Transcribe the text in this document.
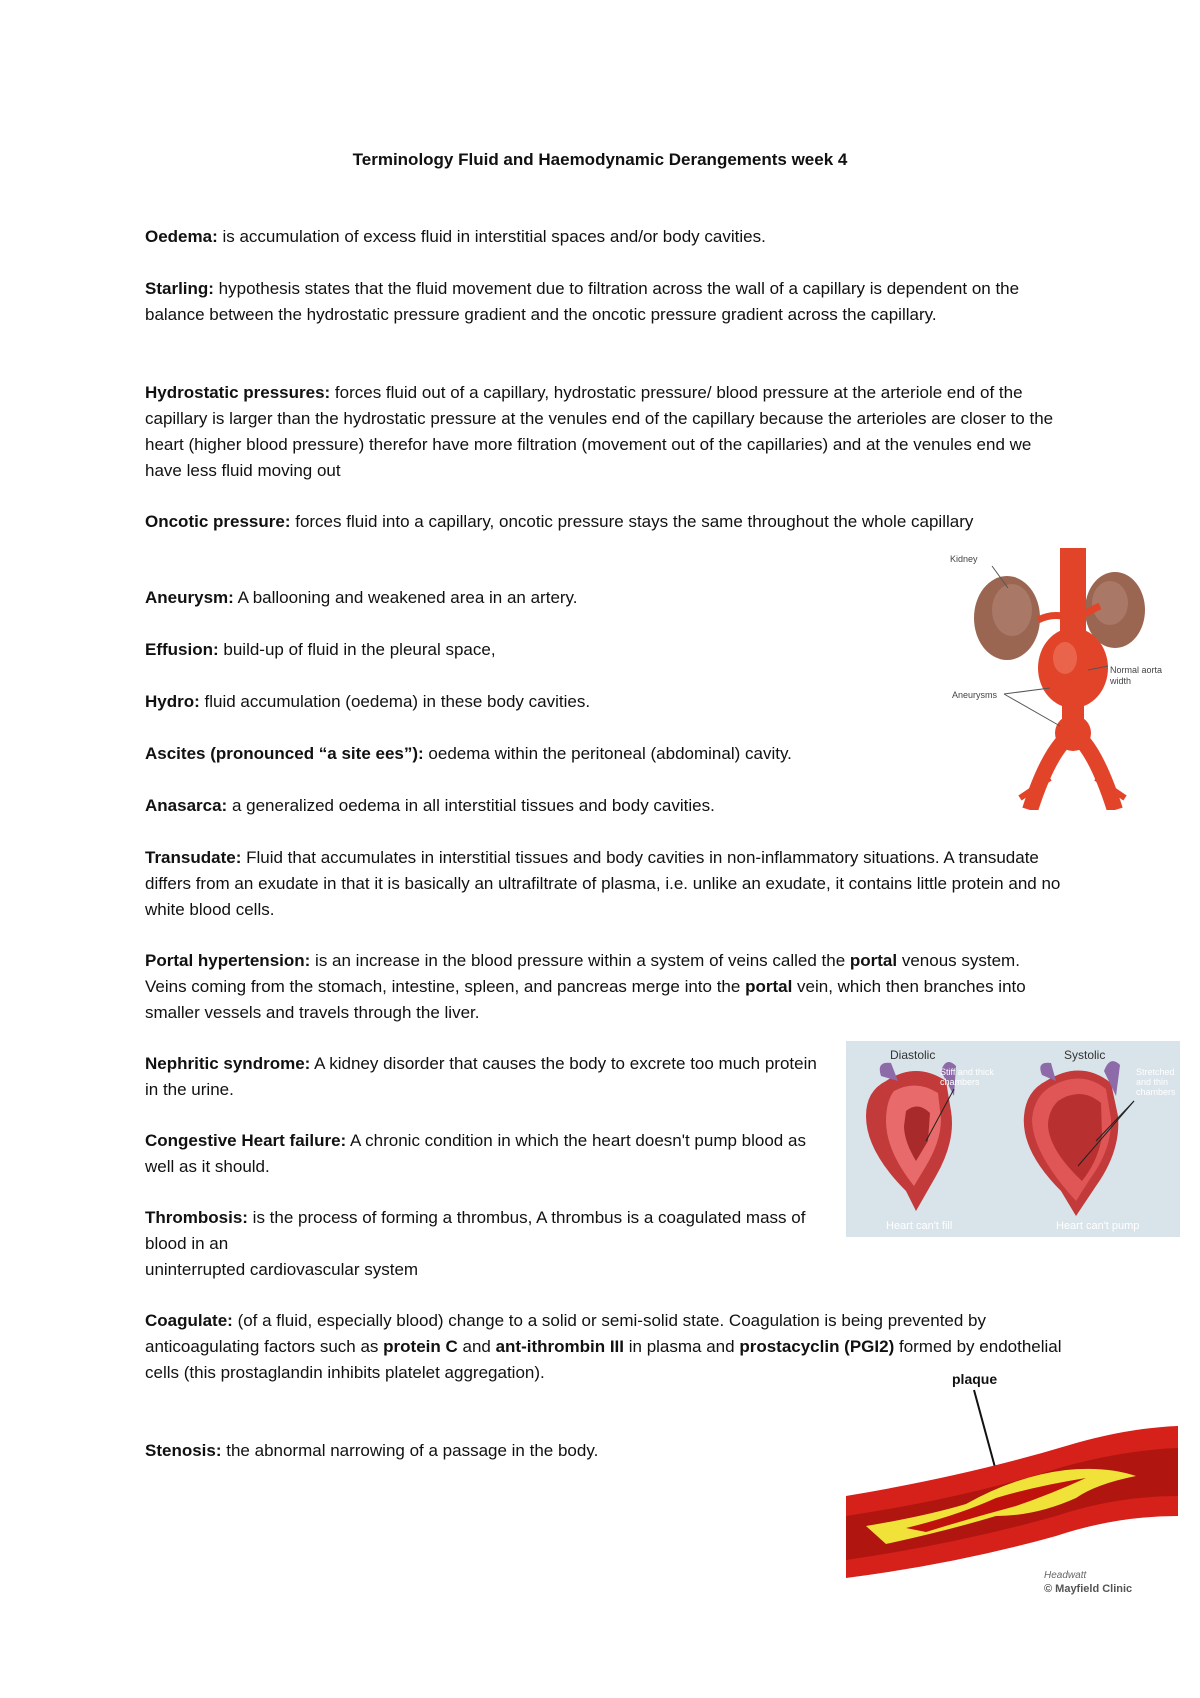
Terminology Fluid and Haemodynamic Derangements week 4

Oedema: is accumulation of excess fluid in interstitial spaces and/or body cavities.

Starling: hypothesis states that the fluid movement due to filtration across the wall of a capillary is dependent on the balance between the hydrostatic pressure gradient and the oncotic pressure gradient across the capillary.

Hydrostatic pressures: forces fluid out of a capillary, hydrostatic pressure/ blood pressure at the arteriole end of the capillary is larger than the hydrostatic pressure at the venules end of the capillary because the arterioles are closer to the heart (higher blood pressure) therefor have more filtration (movement out of the capillaries) and at the venules end we have less fluid moving out

Oncotic pressure: forces fluid into a capillary, oncotic pressure stays the same throughout the whole capillary

Aneurysm: A ballooning and weakened area in an artery.

Effusion: build-up of fluid in the pleural space,

Hydro: fluid accumulation (oedema) in these body cavities.

Ascites (pronounced “a site ees”): oedema within the peritoneal (abdominal) cavity.

Anasarca: a generalized oedema in all interstitial tissues and body cavities.

Transudate: Fluid that accumulates in interstitial tissues and body cavities in non-inflammatory situations. A transudate differs from an exudate in that it is basically an ultrafiltrate of plasma, i.e. unlike an exudate, it contains little protein and no white blood cells.

Portal hypertension: is an increase in the blood pressure within a system of veins called the portal venous system. Veins coming from the stomach, intestine, spleen, and pancreas merge into the portal vein, which then branches into smaller vessels and travels through the liver.

Nephritic syndrome: A kidney disorder that causes the body to excrete too much protein in the urine.

Congestive Heart failure: A chronic condition in which the heart doesn't pump blood as well as it should.

Thrombosis: is the process of forming a thrombus, A thrombus is a coagulated mass of blood in an
uninterrupted cardiovascular system

Coagulate: (of a fluid, especially blood) change to a solid or semi-solid state. Coagulation is being prevented by anticoagulating factors such as protein C and ant-ithrombin III in plasma and prostacyclin (PGI2) formed by endothelial cells (this prostaglandin inhibits platelet aggregation).

Stenosis: the abnormal narrowing of a passage in the body.

Kidney
Normal aorta
width
Aneurysms
Diastolic	Systolic
Stiff and thick
chambers
Stretched
and thin
chambers
Heart can't fill	Heart can't pump
plaque
Headwatt
© Mayfield Clinic
